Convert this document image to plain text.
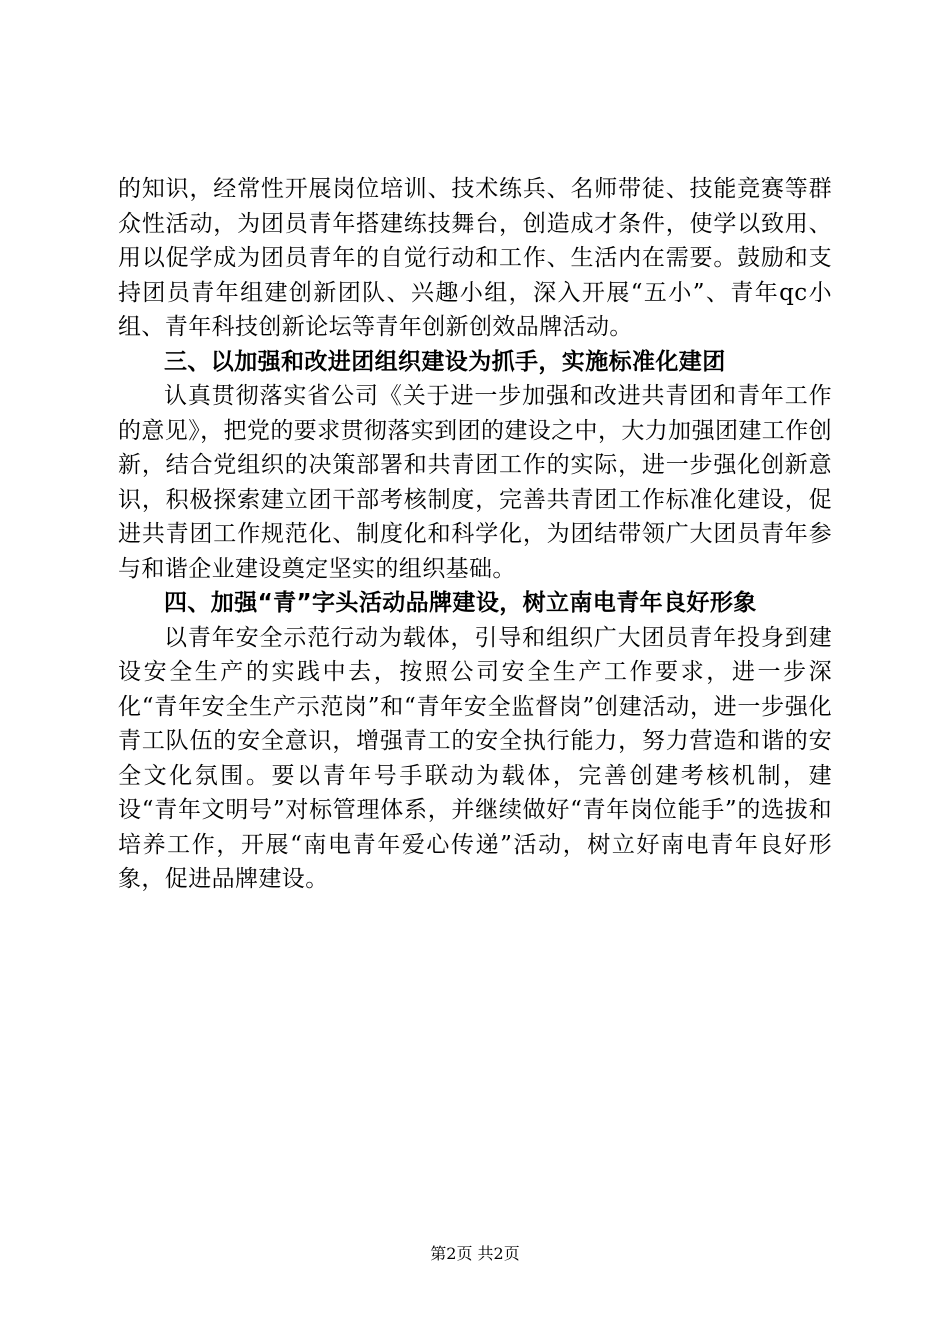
的知识，经常性开展岗位培训、技术练兵、名师带徒、技能竞赛等群众性活动，为团员青年搭建练技舞台，创造成才条件，使学以致用、用以促学成为团员青年的自觉行动和工作、生活内在需要。鼓励和支持团员青年组建创新团队、兴趣小组，深入开展“五小”、青年qc小组、青年科技创新论坛等青年创新创效品牌活动。

三、以加强和改进团组织建设为抓手，实施标准化建团

认真贯彻落实省公司《关于进一步加强和改进共青团和青年工作的意见》，把党的要求贯彻落实到团的建设之中，大力加强团建工作创新，结合党组织的决策部署和共青团工作的实际，进一步强化创新意识，积极探索建立团干部考核制度，完善共青团工作标准化建设，促进共青团工作规范化、制度化和科学化，为团结带领广大团员青年参与和谐企业建设奠定坚实的组织基础。

四、加强“青”字头活动品牌建设，树立南电青年良好形象

以青年安全示范行动为载体，引导和组织广大团员青年投身到建设安全生产的实践中去，按照公司安全生产工作要求，进一步深化“青年安全生产示范岗”和“青年安全监督岗”创建活动，进一步强化青工队伍的安全意识，增强青工的安全执行能力，努力营造和谐的安全文化氛围。要以青年号手联动为载体，完善创建考核机制，建设“青年文明号”对标管理体系，并继续做好“青年岗位能手”的选拔和培养工作，开展“南电青年爱心传递”活动，树立好南电青年良好形象，促进品牌建设。

第2页 共2页
